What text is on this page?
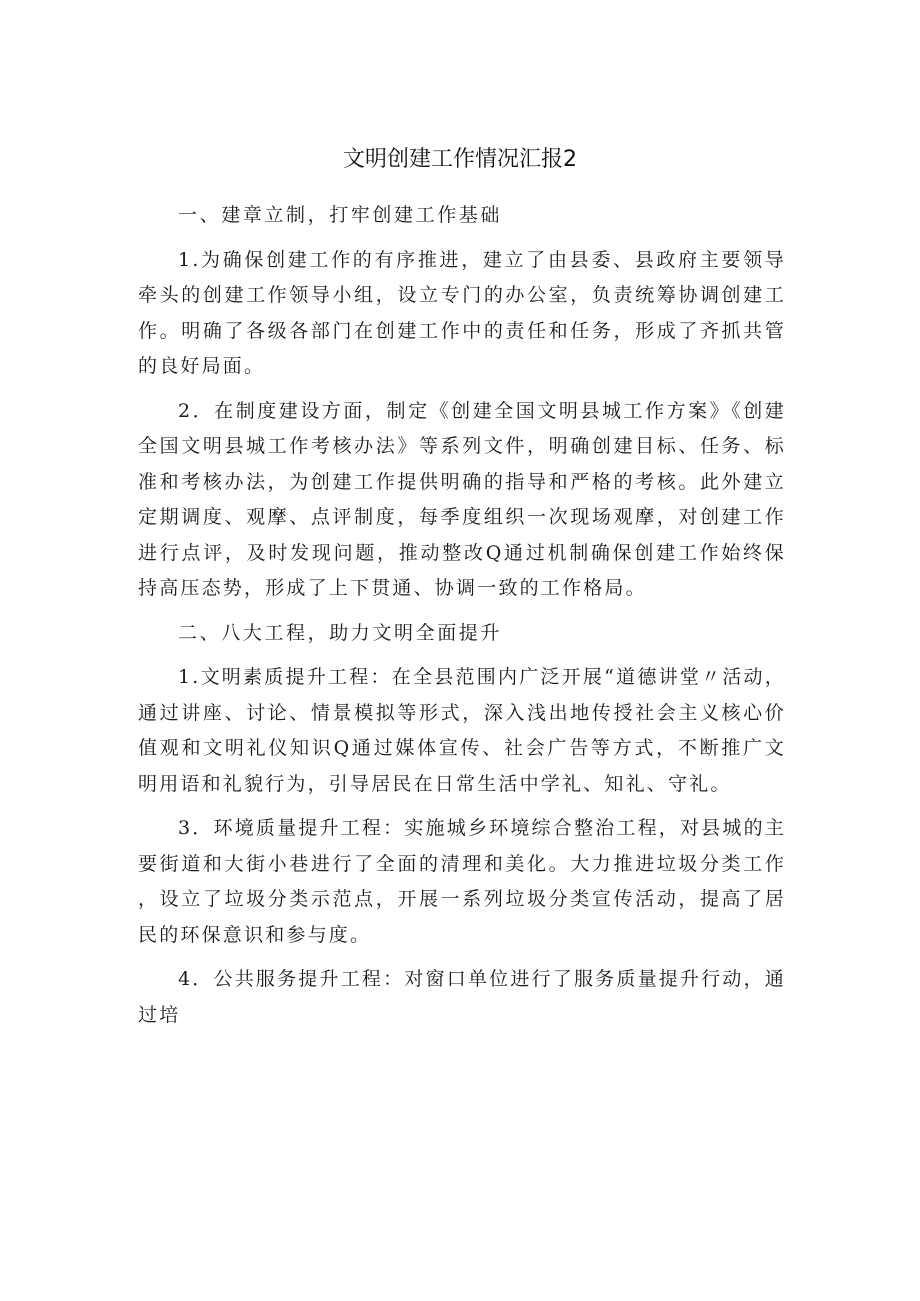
文明创建工作情况汇报2

一、建章立制，打牢创建工作基础

1.为确保创建工作的有序推进，建立了由县委、县政府主要领导牵头的创建工作领导小组，设立专门的办公室，负责统筹协调创建工作。明确了各级各部门在创建工作中的责任和任务，形成了齐抓共管的良好局面。

2．在制度建设方面，制定《创建全国文明县城工作方案》《创建全国文明县城工作考核办法》等系列文件，明确创建目标、任务、标准和考核办法，为创建工作提供明确的指导和严格的考核。此外建立定期调度、观摩、点评制度，每季度组织一次现场观摩，对创建工作进行点评，及时发现问题，推动整改Q通过机制确保创建工作始终保持高压态势，形成了上下贯通、协调一致的工作格局。

二、八大工程，助力文明全面提升

1.文明素质提升工程：在全县范围内广泛开展“道德讲堂〃活动，通过讲座、讨论、情景模拟等形式，深入浅出地传授社会主义核心价值观和文明礼仪知识Q通过媒体宣传、社会广告等方式，不断推广文明用语和礼貌行为，引导居民在日常生活中学礼、知礼、守礼。

3．环境质量提升工程：实施城乡环境综合整治工程，对县城的主要街道和大街小巷进行了全面的清理和美化。大力推进垃圾分类工作，设立了垃圾分类示范点，开展一系列垃圾分类宣传活动，提高了居民的环保意识和参与度。

4．公共服务提升工程：对窗口单位进行了服务质量提升行动，通过培
